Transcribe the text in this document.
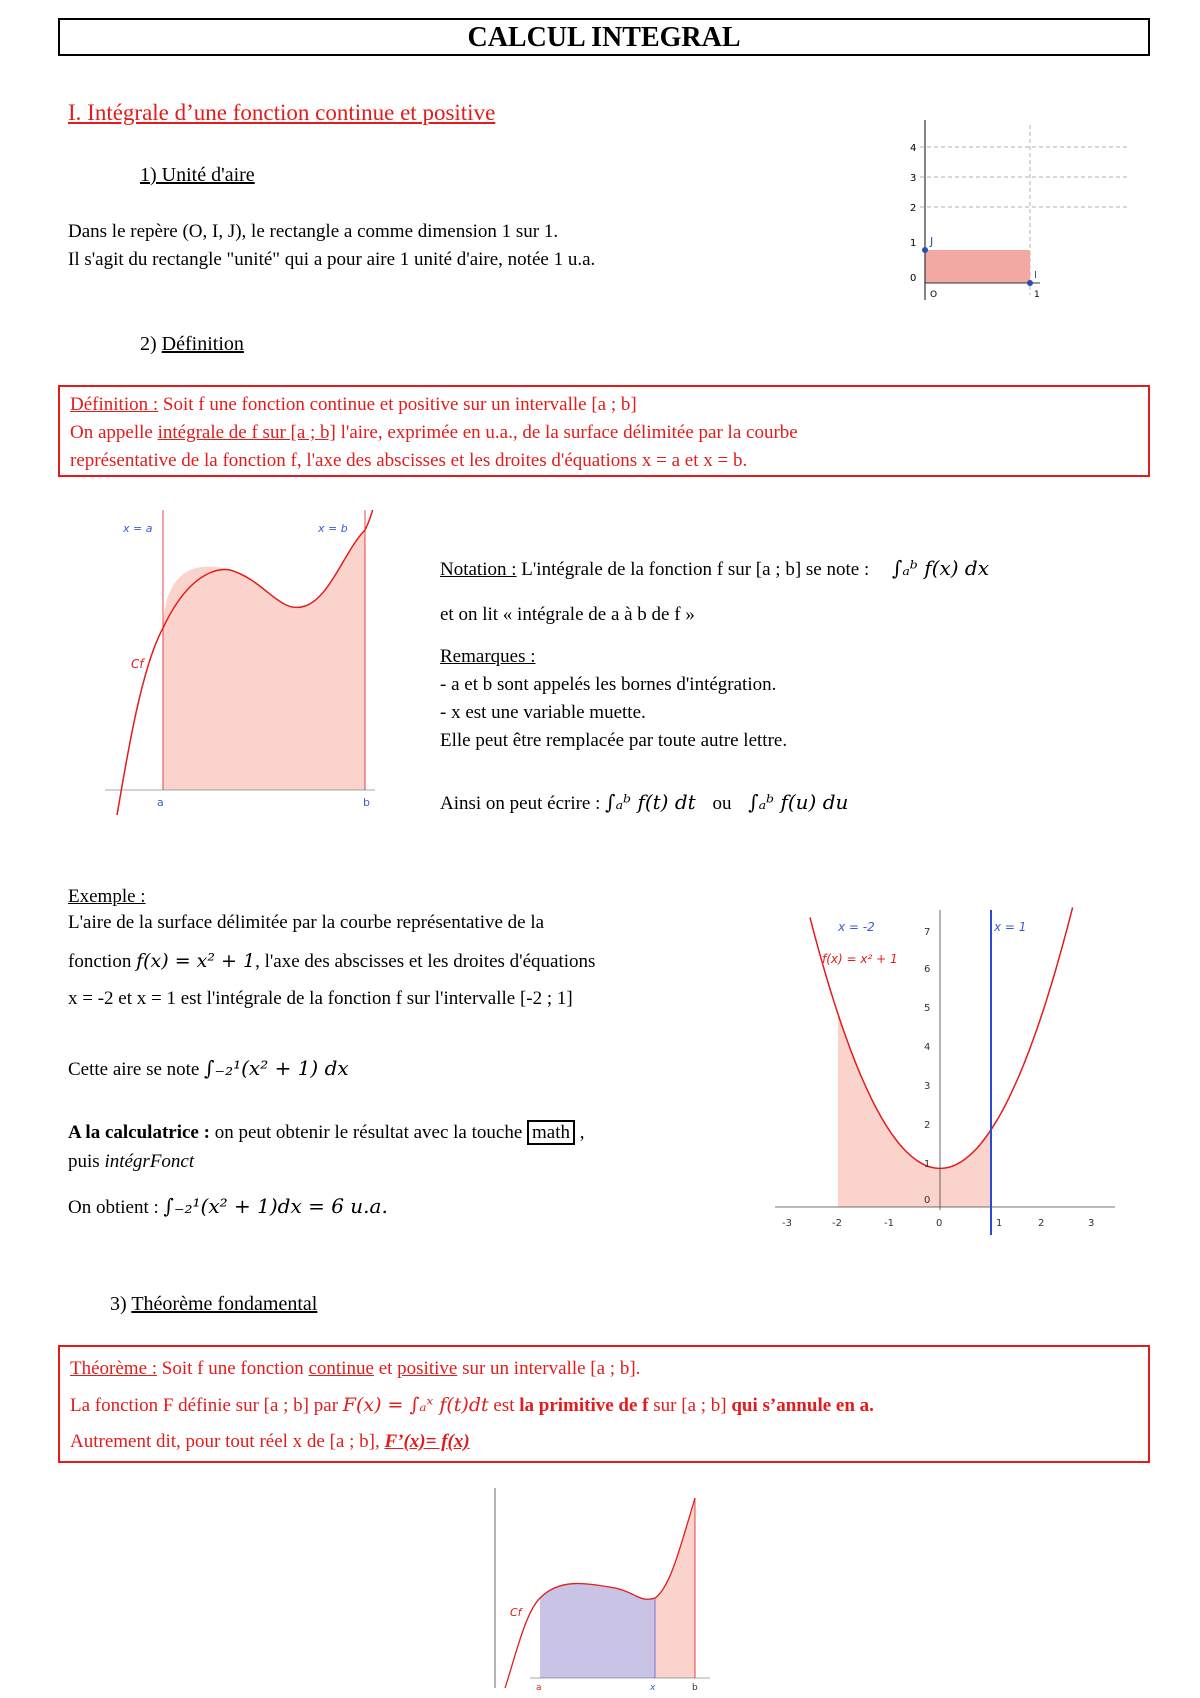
CALCUL INTEGRAL
I. Intégrale d’une fonction continue et positive
1) Unité d'aire
Dans le repère (O, I, J), le rectangle a comme dimension 1 sur 1.
Il s'agit du rectangle "unité" qui a pour aire 1 unité d'aire, notée 1 u.a.
4
3
2
1
0
J
I
O	1
2) Définition
Définition : Soit f une fonction continue et positive sur un intervalle [a ; b]
On appelle intégrale de f sur [a ; b] l'aire, exprimée en u.a., de la surface délimitée par la courbe
représentative de la fonction f, l'axe des abscisses et les droites d'équations x = a et x = b.
x = a	x = b
Cf
a	b
Notation : L'intégrale de la fonction f sur [a ; b] se note : ∫ₐᵇ f(x) dx
et on lit « intégrale de a à b de f »
Remarques :
- a et b sont appelés les bornes d'intégration.
- x est une variable muette.
Elle peut être remplacée par toute autre lettre.
Ainsi on peut écrire : ∫ₐᵇ f(t) dt ou ∫ₐᵇ f(u) du
Exemple :
L'aire de la surface délimitée par la courbe représentative de la
fonction f(x) = x² + 1, l'axe des abscisses et les droites d'équations
x = -2 et x = 1 est l'intégrale de la fonction f sur l'intervalle [-2 ; 1]
Cette aire se note ∫₋₂¹(x² + 1) dx
A la calculatrice : on peut obtenir le résultat avec la touche math ,
puis intégrFonct
On obtient : ∫₋₂¹(x² + 1)dx = 6 u.a.
x = -2	x = 1
f(x) = x² + 1
7
6
5
4
3
2
1
0
-3	-2	-1	0	1	2	3
3) Théorème fondamental
Théorème : Soit f une fonction continue et positive sur un intervalle [a ; b].
La fonction F définie sur [a ; b] par F(x) = ∫ₐˣ f(t)dt est la primitive de f sur [a ; b] qui s’annule en a.
Autrement dit, pour tout réel x de [a ; b], F’(x)= f(x)
Cf
a	x	b
